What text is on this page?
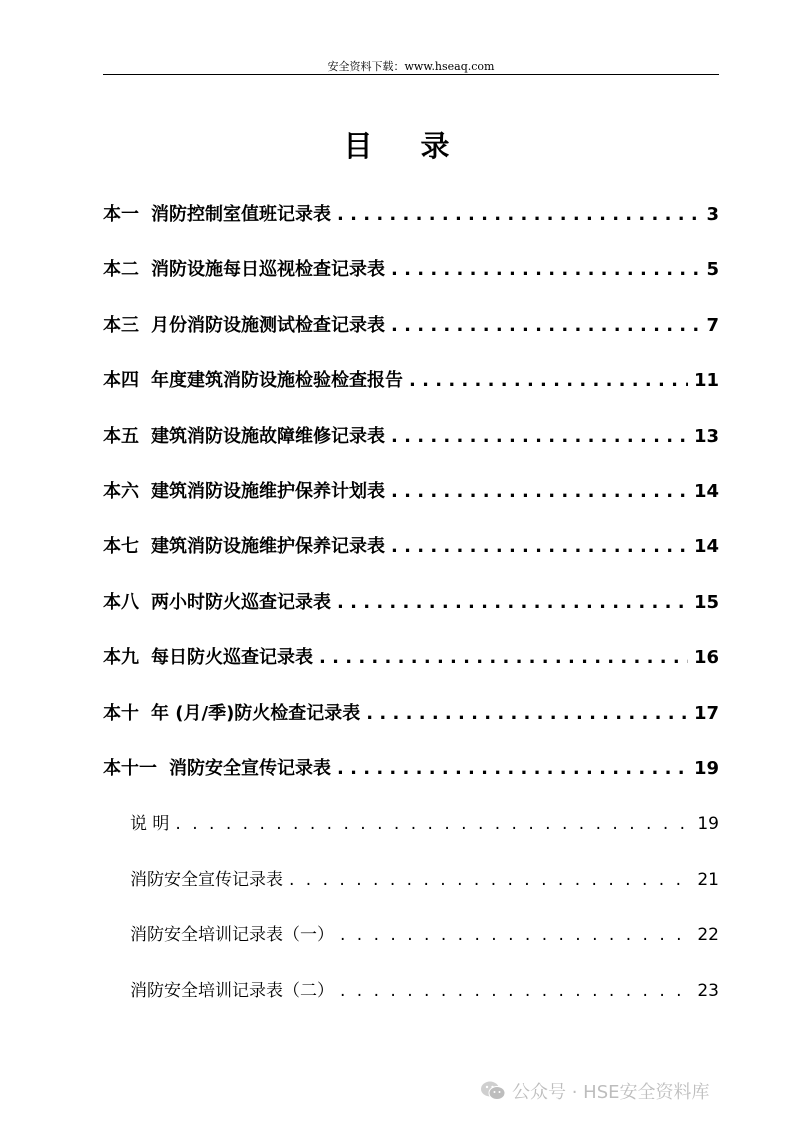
安全资料下载：www.hseaq.com
目录
本一 消防控制室值班记录表 . . .	3
本二 消防设施每日巡视检查记录表 . . .	5
本三 月份消防设施测试检查记录表 . . .	7
本四 年度建筑消防设施检验检查报告 . . .	11
本五 建筑消防设施故障维修记录表 . . .	13
本六 建筑消防设施维护保养计划表 . . .	14
本七 建筑消防设施维护保养记录表 . . .	14
本八 两小时防火巡查记录表 . . .	15
本九 每日防火巡查记录表 . . .	16
本十 年 (月/季)防火检查记录表 . . .	17
本十一 消防安全宣传记录表 . . .	19
说 明 . . .	19
消防安全宣传记录表 . . .	21
消防安全培训记录表（一） . . .	22
消防安全培训记录表（二） . . .	23
公众号 · HSE安全资料库
